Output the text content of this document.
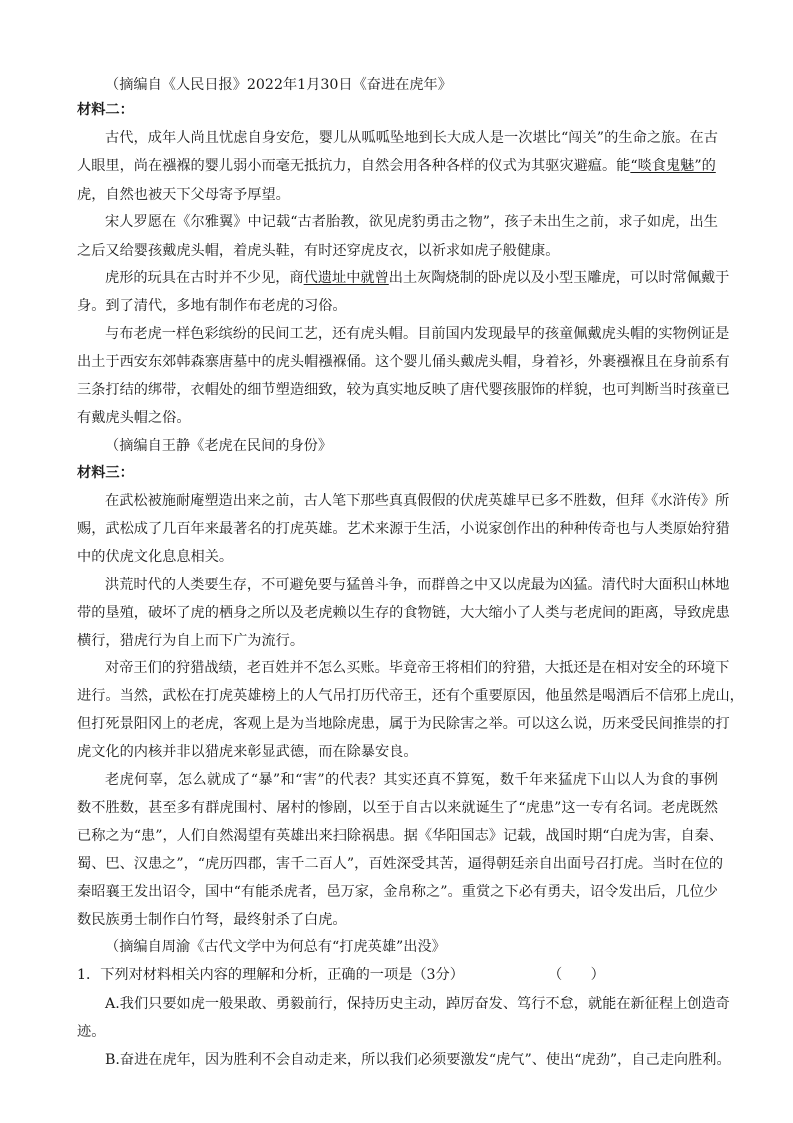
（摘编自《人民日报》2022年1月30日《奋进在虎年》
材料二：
古代，成年人尚且忧虑自身安危，婴儿从呱呱坠地到长大成人是一次堪比“闯关”的生命之旅。在古
人眼里，尚在襁褓的婴儿弱小而毫无抵抗力，自然会用各种各样的仪式为其驱灾避瘟。能“啖食鬼魅”的
虎，自然也被天下父母寄予厚望。
宋人罗愿在《尔雅翼》中记载“古者胎教，欲见虎豹勇击之物”，孩子未出生之前，求子如虎，出生
之后又给婴孩戴虎头帽，着虎头鞋，有时还穿虎皮衣，以祈求如虎子般健康。
虎形的玩具在古时并不少见，商代遗址中就曾出土灰陶烧制的卧虎以及小型玉雕虎，可以时常佩戴于
身。到了清代，多地有制作布老虎的习俗。
与布老虎一样色彩缤纷的民间工艺，还有虎头帽。目前国内发现最早的孩童佩戴虎头帽的实物例证是
出土于西安东郊韩森寨唐墓中的虎头帽襁褓俑。这个婴儿俑头戴虎头帽，身着衫，外裹襁褓且在身前系有
三条打结的绑带，衣帽处的细节塑造细致，较为真实地反映了唐代婴孩服饰的样貌，也可判断当时孩童已
有戴虎头帽之俗。
（摘编自王静《老虎在民间的身份》
材料三：
在武松被施耐庵塑造出来之前，古人笔下那些真真假假的伏虎英雄早已多不胜数，但拜《水浒传》所
赐，武松成了几百年来最著名的打虎英雄。艺术来源于生活，小说家创作出的种种传奇也与人类原始狩猎
中的伏虎文化息息相关。
洪荒时代的人类要生存，不可避免要与猛兽斗争，而群兽之中又以虎最为凶猛。清代时大面积山林地
带的垦殖，破坏了虎的栖身之所以及老虎赖以生存的食物链，大大缩小了人类与老虎间的距离，导致虎患
横行，猎虎行为自上而下广为流行。
对帝王们的狩猎战绩，老百姓并不怎么买账。毕竟帝王将相们的狩猎，大抵还是在相对安全的环境下
进行。当然，武松在打虎英雄榜上的人气吊打历代帝王，还有个重要原因，他虽然是喝酒后不信邪上虎山，
但打死景阳冈上的老虎，客观上是为当地除虎患，属于为民除害之举。可以这么说，历来受民间推崇的打
虎文化的内核并非以猎虎来彰显武德，而在除暴安良。
老虎何辜，怎么就成了“暴”和“害”的代表？其实还真不算冤，数千年来猛虎下山以人为食的事例
数不胜数，甚至多有群虎围村、屠村的惨剧，以至于自古以来就诞生了“虎患”这一专有名词。老虎既然
已称之为“患”，人们自然渴望有英雄出来扫除祸患。据《华阳国志》记载，战国时期“白虎为害，自秦、
蜀、巴、汉患之”，“虎历四郡，害千二百人”，百姓深受其苦，逼得朝廷亲自出面号召打虎。当时在位的
秦昭襄王发出诏令，国中“有能杀虎者，邑万家，金帛称之”。重赏之下必有勇夫，诏令发出后，几位少
数民族勇士制作白竹弩，最终射杀了白虎。
（摘编自周渝《古代文学中为何总有“打虎英雄”出没》
1．下列对材料相关内容的理解和分析，正确的一项是（3分）	（　　）
A.我们只要如虎一般果敢、勇毅前行，保持历史主动，踔厉奋发、笃行不怠，就能在新征程上创造奇
迹。
B.奋进在虎年，因为胜利不会自动走来，所以我们必须要激发“虎气”、使出“虎劲”，自己走向胜利。
